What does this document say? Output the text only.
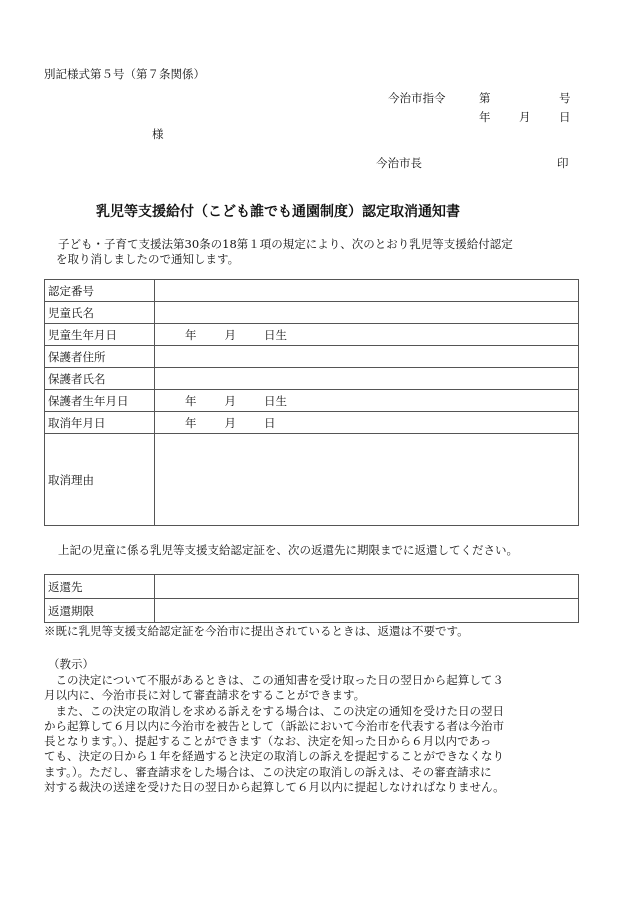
別記様式第５号（第７条関係）
今治市指令	第	号
年 月 日
様
今治市長	印
乳児等支援給付（こども誰でも通園制度）認定取消通知書

子ども・子育て支援法第30条の18第１項の規定により、次のとおり乳児等支援給付認定

を取り消しましたので通知します。

認定番号	
児童氏名	
児童生年月日	年 月 日生
保護者住所	
保護者氏名	
保護者生年月日	年 月 日生
取消年月日	年 月 日
取消理由	
上記の児童に係る乳児等支援支給認定証を、次の返還先に期限までに返還してください。
返還先	
返還期限	
※既に乳児等支援支給認定証を今治市に提出されているときは、返還は不要です。
（教示）

　この決定について不服があるときは、この通知書を受け取った日の翌日から起算して３

月以内に、今治市長に対して審査請求をすることができます。

　また、この決定の取消しを求める訴えをする場合は、この決定の通知を受けた日の翌日

から起算して６月以内に今治市を被告として（訴訟において今治市を代表する者は今治市

長となります。）、提起することができます（なお、決定を知った日から６月以内であっ

ても、決定の日から１年を経過すると決定の取消しの訴えを提起することができなくなり

ます。）。ただし、審査請求をした場合は、この決定の取消しの訴えは、その審査請求に

対する裁決の送達を受けた日の翌日から起算して６月以内に提起しなければなりません。
